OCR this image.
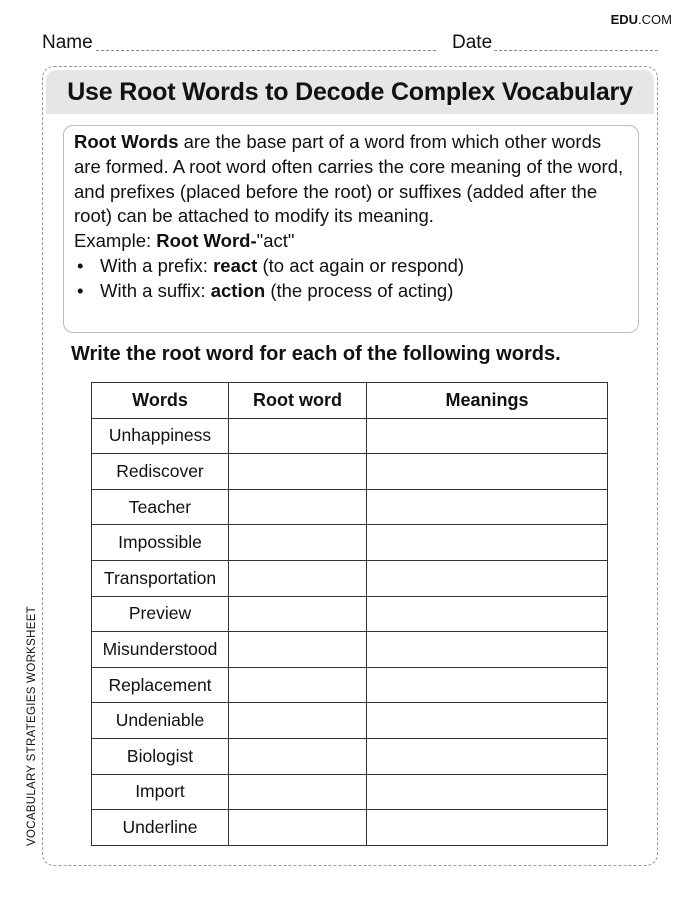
EDU.COM
Name	Date
Use Root Words to Decode Complex Vocabulary

Root Words are the base part of a word from which other words are formed. A root word often carries the core meaning of the word, and prefixes (placed before the root) or suffixes (added after the root) can be attached to modify its meaning.

Example: Root Word-"act"

• With a prefix: react (to act again or respond)
• With a suffix: action (the process of acting)
Write the root word for each of the following words.
Words	Root word	Meanings
Unhappiness		
Rediscover		
Teacher		
Impossible		
Transportation		
Preview		
Misunderstood		
Replacement		
Undeniable		
Biologist		
Import		
Underline		
VOCABULARY STRATEGIES WORKSHEET
